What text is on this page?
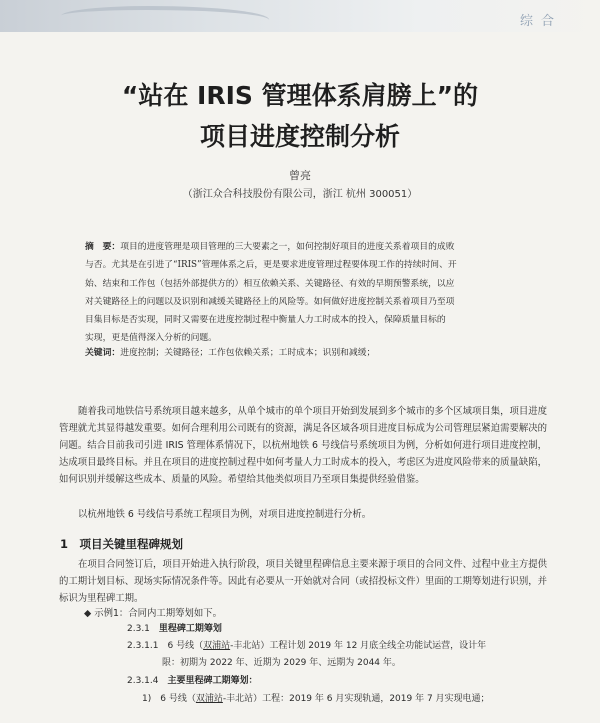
综合
“站在 IRIS 管理体系肩膀上”的
项目进度控制分析
曾亮
（浙江众合科技股份有限公司，浙江 杭州 300051）
摘　要：项目的进度管理是项目管理的三大要素之一，如何控制好项目的进度关系着项目的成败
与否。尤其是在引进了“IRIS”管理体系之后，更是要求进度管理过程要体现工作的持续时间、开
始、结束和工作包（包括外部提供方的）相互依赖关系、关键路径、有效的早期预警系统，以应
对关键路径上的问题以及识别和减缓关键路径上的风险等。如何做好进度控制关系着项目乃至项
目集目标是否实现，同时又需要在进度控制过程中衡量人力工时成本的投入，保障质量目标的
实现，更是值得深入分析的问题。
关键词：进度控制；关键路径；工作包依赖关系；工时成本；识别和减缓；
随着我司地铁信号系统项目越来越多，从单个城市的单个项目开始到发展到多个城市的多个区域项目集，项目进度管理就尤其显得越发重要。如何合理利用公司既有的资源，满足各区域各项目进度目标成为公司管理层紧迫需要解决的问题。结合目前我司引进 IRIS 管理体系情况下，以杭州地铁 6 号线信号系统项目为例，分析如何进行项目进度控制，达成项目最终目标。并且在项目的进度控制过程中如何考量人力工时成本的投入，考虑区为进度风险带来的质量缺陷，如何识别并缓解这些成本、质量的风险。希望给其他类似项目乃至项目集提供经验借鉴。
以杭州地铁 6 号线信号系统工程项目为例，对项目进度控制进行分析。
1　项目关键里程碑规划
在项目合同签订后，项目开始进入执行阶段，项目关键里程碑信息主要来源于项目的合同文件、过程中业主方提供的工期计划目标、现场实际情况条件等。因此有必要从一开始就对合同（或招投标文件）里面的工期筹划进行识别，并标识为里程碑工期。
◆ 示例1：合同内工期筹划如下。
2.3.1　 里程碑工期筹划
2.3.1.1　 6 号线（双浦站-丰北站）工程计划 2019 年 12 月底全线全功能试运营，设计年
限：初期为 2022 年、近期为 2029 年、远期为 2044 年。
2.3.1.4　 主要里程碑工期筹划：
1)　 6 号线（双浦站-丰北站）工程：2019 年 6 月实现轨通，2019 年 7 月实现电通；
